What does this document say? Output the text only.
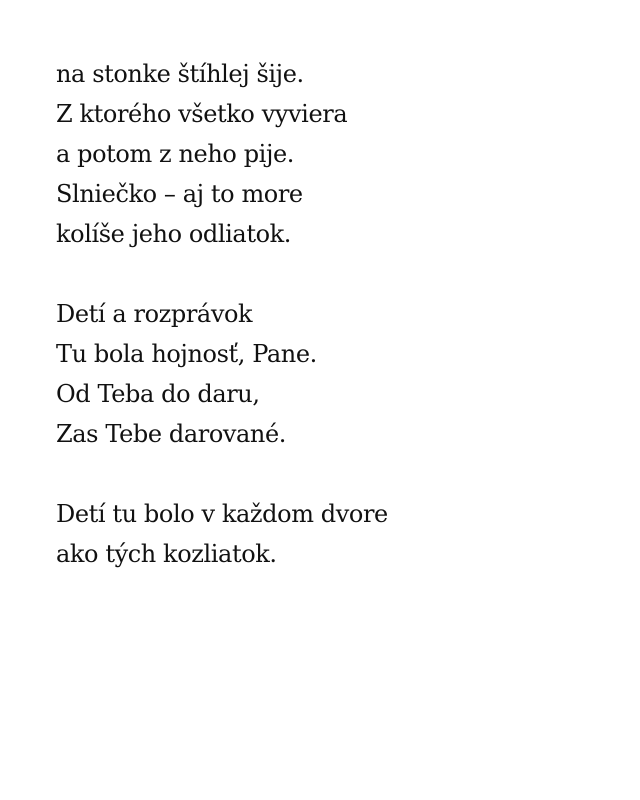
na stonke štíhlej šije.
Z ktorého všetko vyviera
a potom z neho pije.
Slniečko – aj to more
kolíše jeho odliatok.
Detí a rozprávok
Tu bola hojnosť, Pane.
Od Teba do daru,
Zas Tebe darované.
Detí tu bolo v každom dvore
ako tých kozliatok.
